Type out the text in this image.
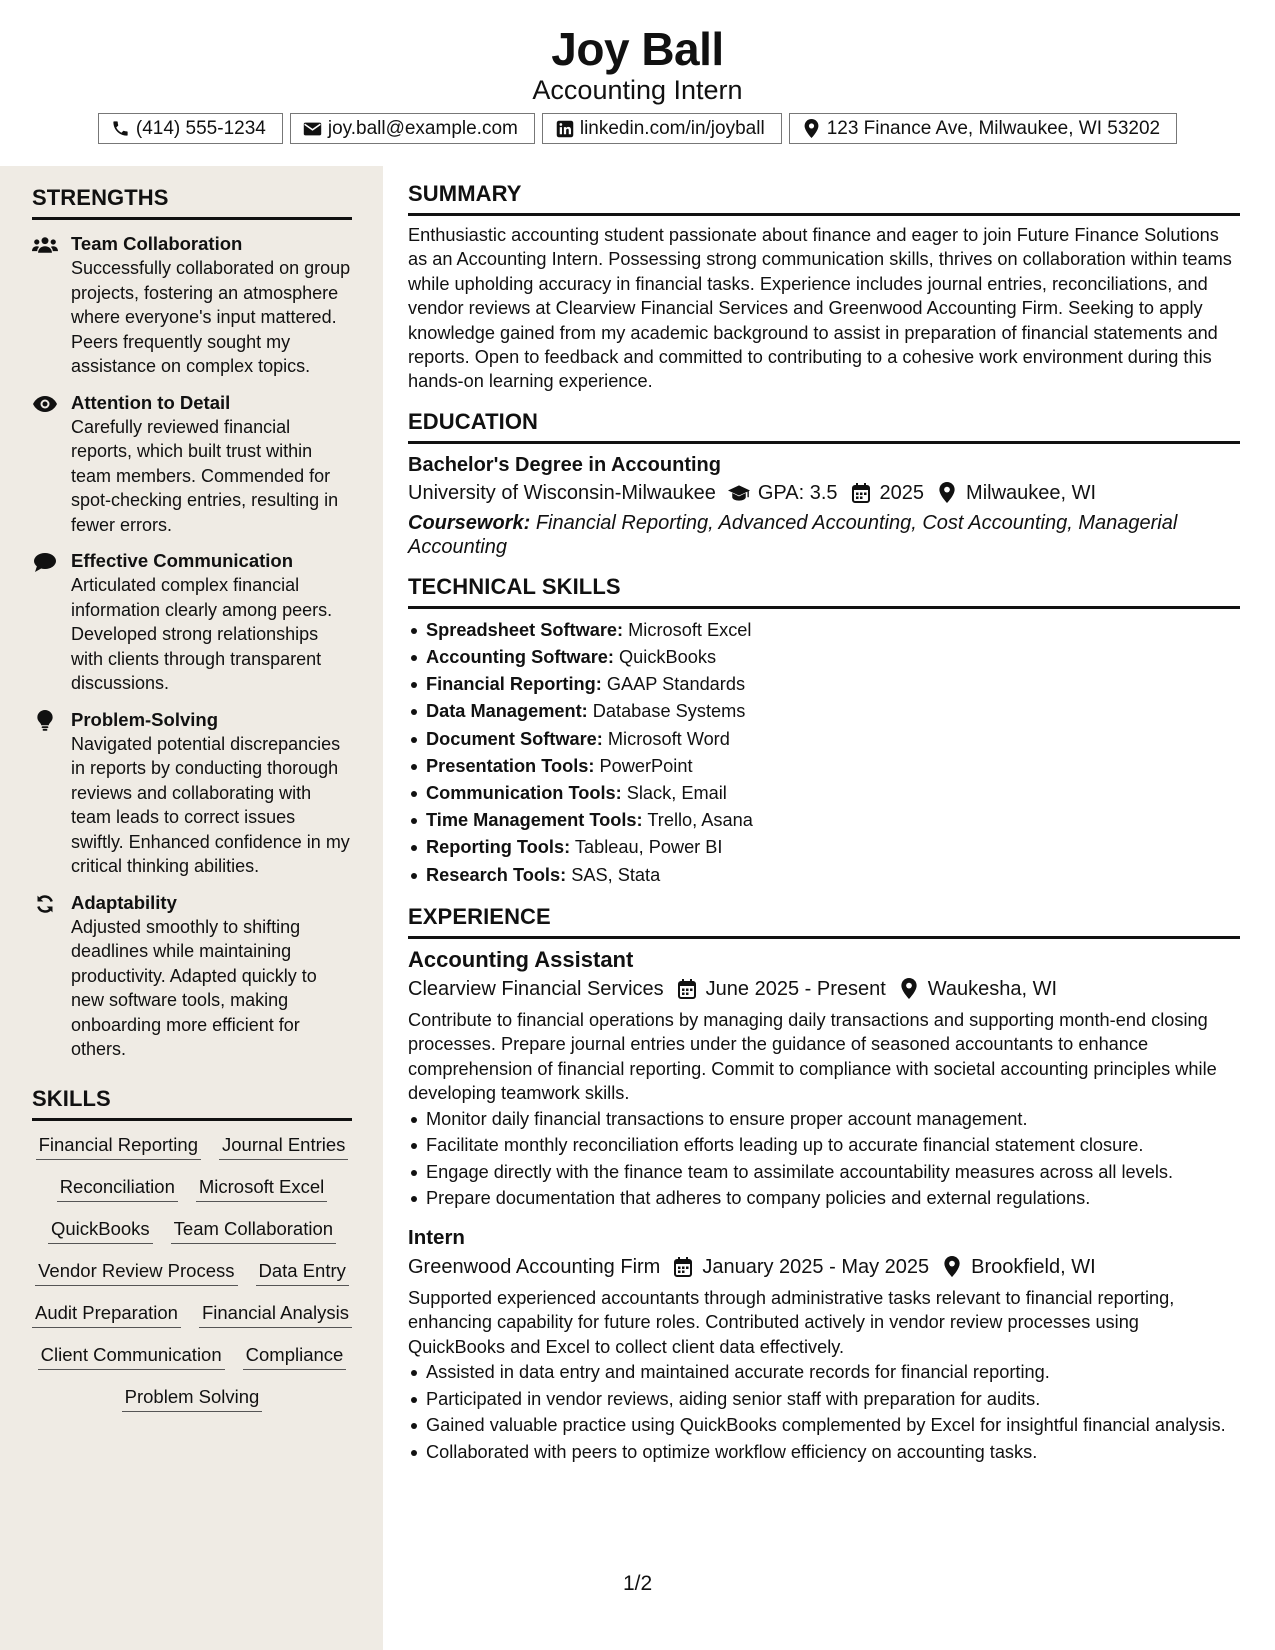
Joy Ball
Accounting Intern
(414) 555-1234	joy.ball@example.com	linkedin.com/in/joyball	123 Finance Ave, Milwaukee, WI 53202
STRENGTHS
Team Collaboration
Successfully collaborated on group projects, fostering an atmosphere where everyone's input mattered. Peers frequently sought my assistance on complex topics.
Attention to Detail
Carefully reviewed financial reports, which built trust within team members. Commended for spot-checking entries, resulting in fewer errors.
Effective Communication
Articulated complex financial information clearly among peers. Developed strong relationships with clients through transparent discussions.
Problem-Solving
Navigated potential discrepancies in reports by conducting thorough reviews and collaborating with team leads to correct issues swiftly. Enhanced confidence in my critical thinking abilities.
Adaptability
Adjusted smoothly to shifting deadlines while maintaining productivity. Adapted quickly to new software tools, making onboarding more efficient for others.
SKILLS
Financial Reporting Journal Entries
Reconciliation Microsoft Excel
QuickBooks Team Collaboration
Vendor Review Process Data Entry
Audit Preparation Financial Analysis
Client Communication Compliance
Problem Solving
SUMMARY
Enthusiastic accounting student passionate about finance and eager to join Future Finance Solutions as an Accounting Intern. Possessing strong communication skills, thrives on collaboration within teams while upholding accuracy in financial tasks. Experience includes journal entries, reconciliations, and vendor reviews at Clearview Financial Services and Greenwood Accounting Firm. Seeking to apply knowledge gained from my academic background to assist in preparation of financial statements and reports. Open to feedback and committed to contributing to a cohesive work environment during this hands-on learning experience.
EDUCATION
Bachelor's Degree in Accounting
University of Wisconsin-Milwaukee GPA: 3.5 2025 Milwaukee, WI
Coursework: Financial Reporting, Advanced Accounting, Cost Accounting, Managerial Accounting
TECHNICAL SKILLS
Spreadsheet Software: Microsoft Excel
Accounting Software: QuickBooks
Financial Reporting: GAAP Standards
Data Management: Database Systems
Document Software: Microsoft Word
Presentation Tools: PowerPoint
Communication Tools: Slack, Email
Time Management Tools: Trello, Asana
Reporting Tools: Tableau, Power BI
Research Tools: SAS, Stata
EXPERIENCE
Accounting Assistant
Clearview Financial Services June 2025 - Present Waukesha, WI
Contribute to financial operations by managing daily transactions and supporting month-end closing processes. Prepare journal entries under the guidance of seasoned accountants to enhance comprehension of financial reporting. Commit to compliance with societal accounting principles while developing teamwork skills.
Monitor daily financial transactions to ensure proper account management.
Facilitate monthly reconciliation efforts leading up to accurate financial statement closure.
Engage directly with the finance team to assimilate accountability measures across all levels.
Prepare documentation that adheres to company policies and external regulations.
Intern
Greenwood Accounting Firm January 2025 - May 2025 Brookfield, WI
Supported experienced accountants through administrative tasks relevant to financial reporting, enhancing capability for future roles. Contributed actively in vendor review processes using QuickBooks and Excel to collect client data effectively.
Assisted in data entry and maintained accurate records for financial reporting.
Participated in vendor reviews, aiding senior staff with preparation for audits.
Gained valuable practice using QuickBooks complemented by Excel for insightful financial analysis.
Collaborated with peers to optimize workflow efficiency on accounting tasks.
1/2
